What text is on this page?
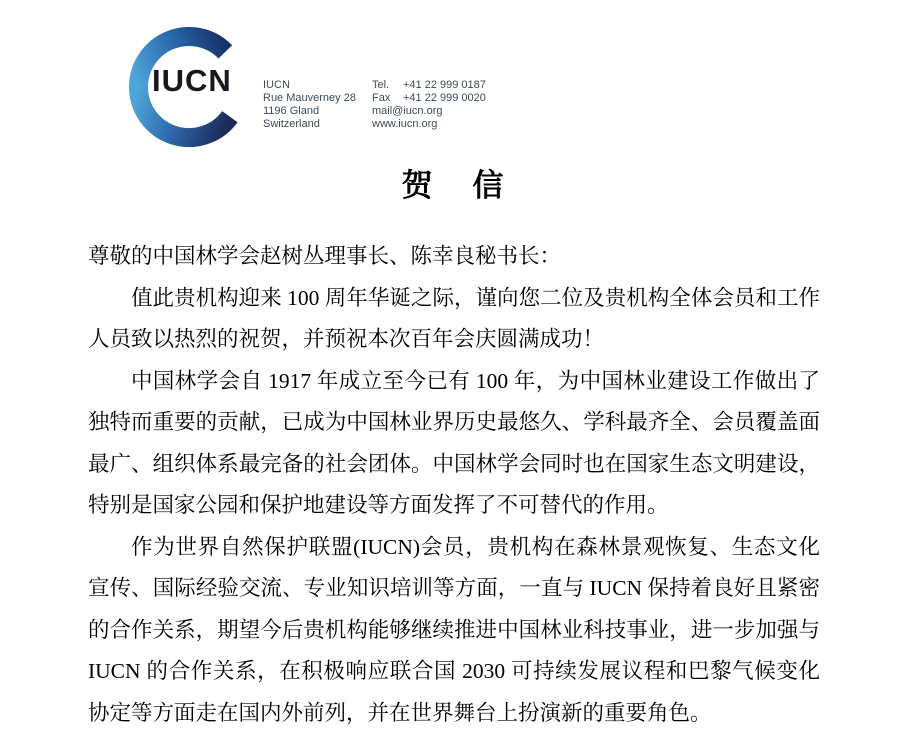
IUCN	IUCN
Rue Mauverney 28
1196 Gland
Switzerland
Tel. +41 22 999 0187
Fax +41 22 999 0020
mail@iucn.org
www.iucn.org
贺 信

尊敬的中国林学会赵树丛理事长、陈幸良秘书长：

值此贵机构迎来 100 周年华诞之际，谨向您二位及贵机构全体会员和工作人员致以热烈的祝贺，并预祝本次百年会庆圆满成功！

中国林学会自 1917 年成立至今已有 100 年，为中国林业建设工作做出了独特而重要的贡献，已成为中国林业界历史最悠久、学科最齐全、会员覆盖面最广、组织体系最完备的社会团体。中国林学会同时也在国家生态文明建设，特别是国家公园和保护地建设等方面发挥了不可替代的作用。

作为世界自然保护联盟(IUCN)会员，贵机构在森林景观恢复、生态文化宣传、国际经验交流、专业知识培训等方面，一直与 IUCN 保持着良好且紧密的合作关系，期望今后贵机构能够继续推进中国林业科技事业，进一步加强与 IUCN 的合作关系，在积极响应联合国 2030 可持续发展议程和巴黎气候变化协定等方面走在国内外前列，并在世界舞台上扮演新的重要角色。
